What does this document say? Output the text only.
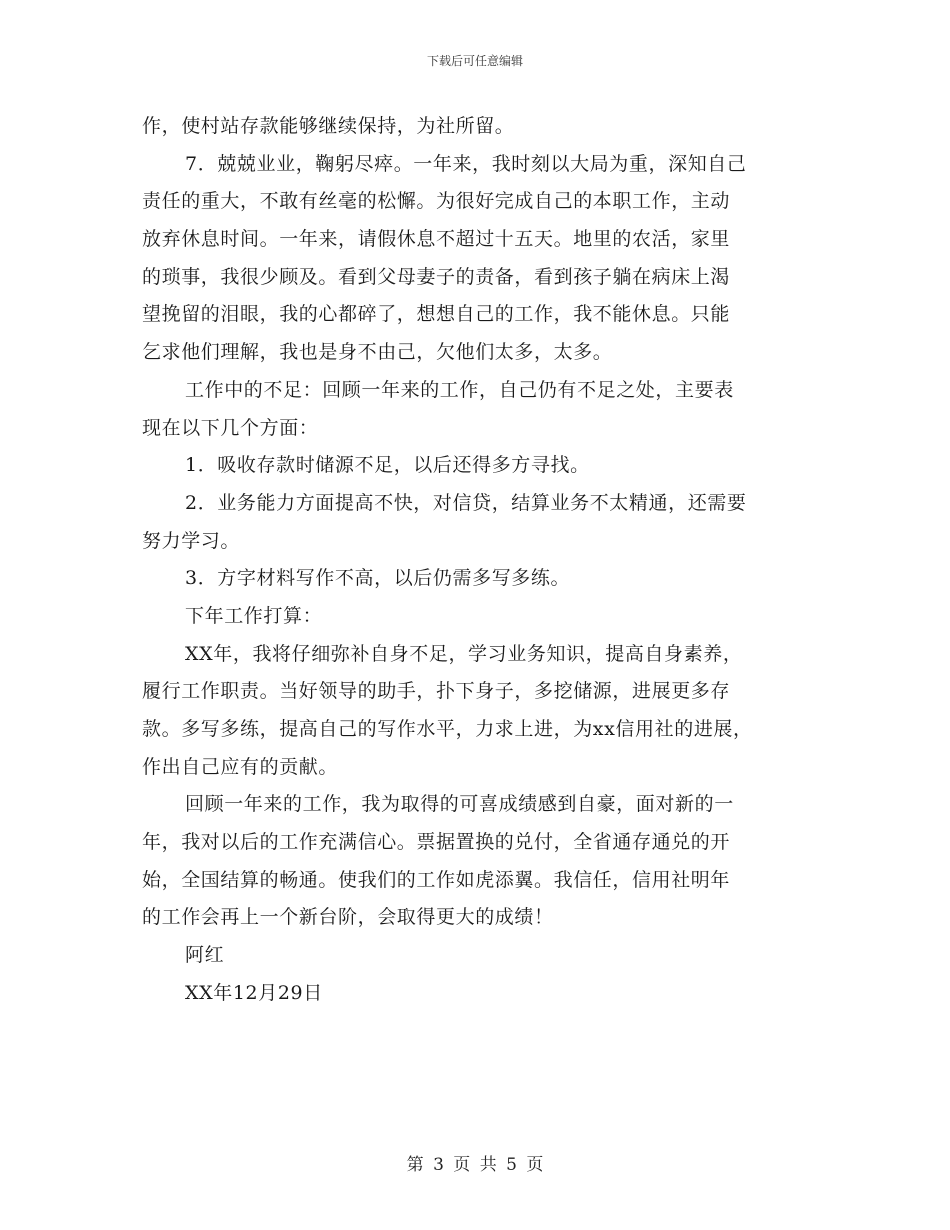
下载后可任意编辑
作，使村站存款能够继续保持，为社所留。
7．兢兢业业，鞠躬尽瘁。一年来，我时刻以大局为重，深知自己
责任的重大，不敢有丝毫的松懈。为很好完成自己的本职工作，主动
放弃休息时间。一年来，请假休息不超过十五天。地里的农活，家里
的琐事，我很少顾及。看到父母妻子的责备，看到孩子躺在病床上渴
望挽留的泪眼，我的心都碎了，想想自己的工作，我不能休息。只能
乞求他们理解，我也是身不由己，欠他们太多，太多。
工作中的不足：回顾一年来的工作，自己仍有不足之处，主要表
现在以下几个方面：
1．吸收存款时储源不足，以后还得多方寻找。
2．业务能力方面提高不快，对信贷，结算业务不太精通，还需要
努力学习。
3．方字材料写作不高，以后仍需多写多练。
下年工作打算：
XX年，我将仔细弥补自身不足，学习业务知识，提高自身素养，
履行工作职责。当好领导的助手，扑下身子，多挖储源，进展更多存
款。多写多练，提高自己的写作水平，力求上进，为xx信用社的进展，
作出自己应有的贡献。
回顾一年来的工作，我为取得的可喜成绩感到自豪，面对新的一
年，我对以后的工作充满信心。票据置换的兑付，全省通存通兑的开
始，全国结算的畅通。使我们的工作如虎添翼。我信任，信用社明年
的工作会再上一个新台阶，会取得更大的成绩！
阿红
XX年12月29日
第 3 页 共 5 页
